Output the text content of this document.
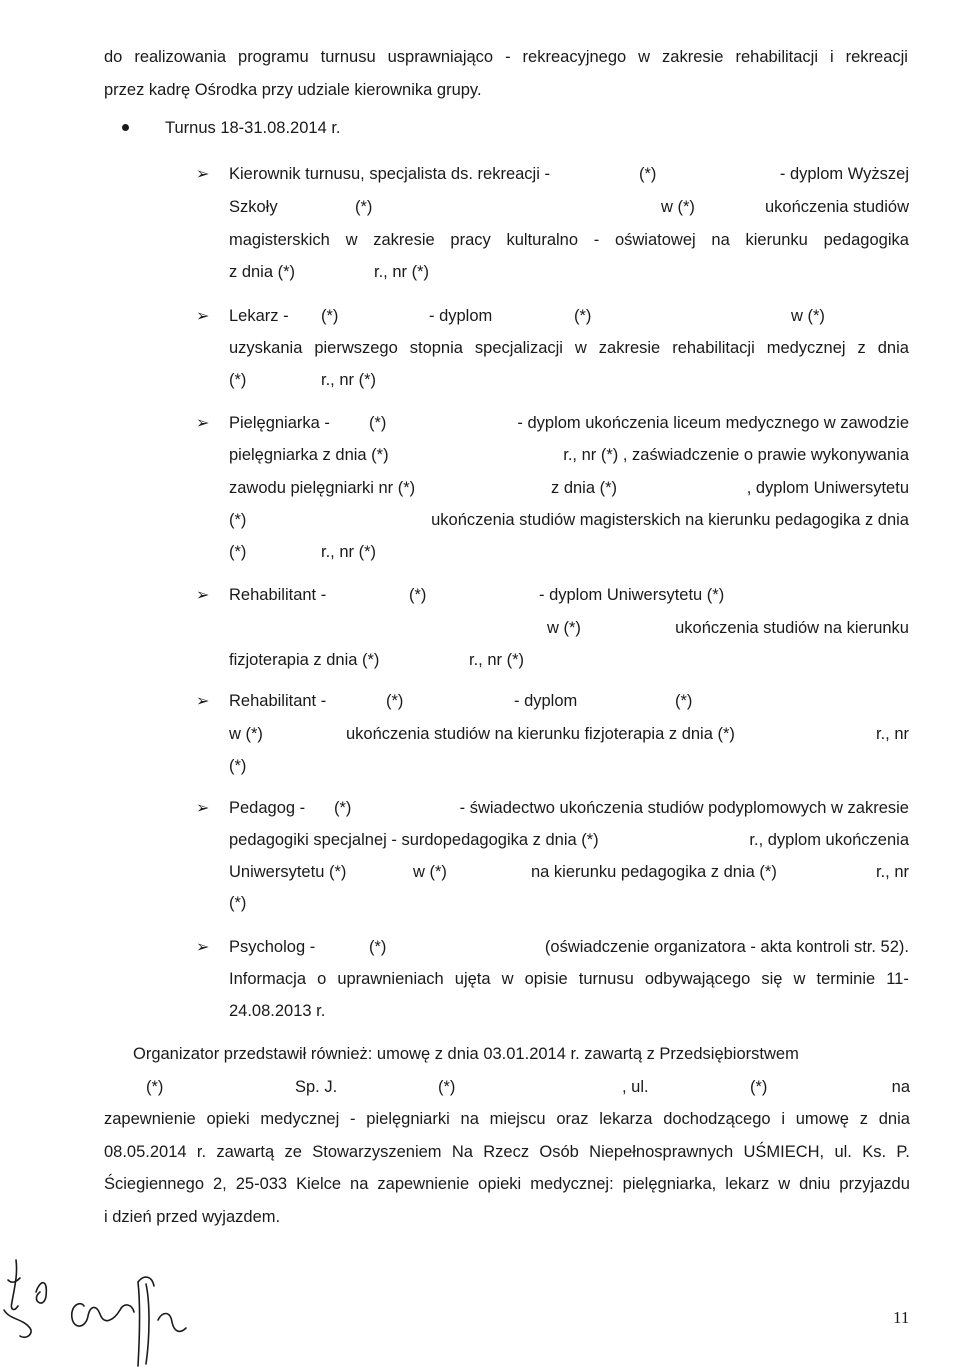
do realizowania programu turnusu usprawniająco - rekreacyjnego w zakresie rehabilitacji i rekreacji
przez kadrę Ośrodka przy udziale kierownika grupy.
Turnus 18-31.08.2014 r.
➢ Kierownik turnusu, specjalista ds. rekreacji -	(*)	- dyplom Wyższej
Szkoły	(*)	w (*)	ukończenia studiów
magisterskich w zakresie pracy kulturalno - oświatowej na kierunku pedagogika
z dnia (*)	r., nr (*)
➢ Lekarz - (*)	- dyplom	(*)	w (*)
uzyskania pierwszego stopnia specjalizacji w zakresie rehabilitacji medycznej z dnia
(*)	r., nr (*)
➢ Pielęgniarka - (*)	- dyplom ukończenia liceum medycznego w zawodzie
pielęgniarka z dnia (*)	r., nr (*) , zaświadczenie o prawie wykonywania
zawodu pielęgniarki nr (*)	z dnia (*)	, dyplom Uniwersytetu
(*)	ukończenia studiów magisterskich na kierunku pedagogika z dnia
(*)	r., nr (*)
➢ Rehabilitant -	(*)	- dyplom Uniwersytetu (*)
w (*)	ukończenia studiów na kierunku
fizjoterapia z dnia (*)	r., nr (*)
➢ Rehabilitant -	(*)	- dyplom	(*)
w (*)	ukończenia studiów na kierunku fizjoterapia z dnia (*)	r., nr
(*)
➢ Pedagog - (*)	- świadectwo ukończenia studiów podyplomowych w zakresie
pedagogiki specjalnej - surdopedagogika z dnia (*)	r., dyplom ukończenia
Uniwersytetu (*)	w (*)	na kierunku pedagogika z dnia (*)	r., nr
(*)
➢ Psycholog -	(*)	(oświadczenie organizatora - akta kontroli str. 52).
Informacja o uprawnieniach ujęta w opisie turnusu odbywającego się w terminie 11-
24.08.2013 r.
Organizator przedstawił również: umowę z dnia 03.01.2014 r. zawartą z Przedsiębiorstwem
(*)	Sp. J.	(*)	, ul.	(*)	na
zapewnienie opieki medycznej - pielęgniarki na miejscu oraz lekarza dochodzącego i umowę z dnia
08.05.2014 r. zawartą ze Stowarzyszeniem Na Rzecz Osób Niepełnosprawnych UŚMIECH, ul. Ks. P.
Ściegiennego 2, 25-033 Kielce na zapewnienie opieki medycznej: pielęgniarka, lekarz w dniu przyjazdu
i dzień przed wyjazdem.
11
